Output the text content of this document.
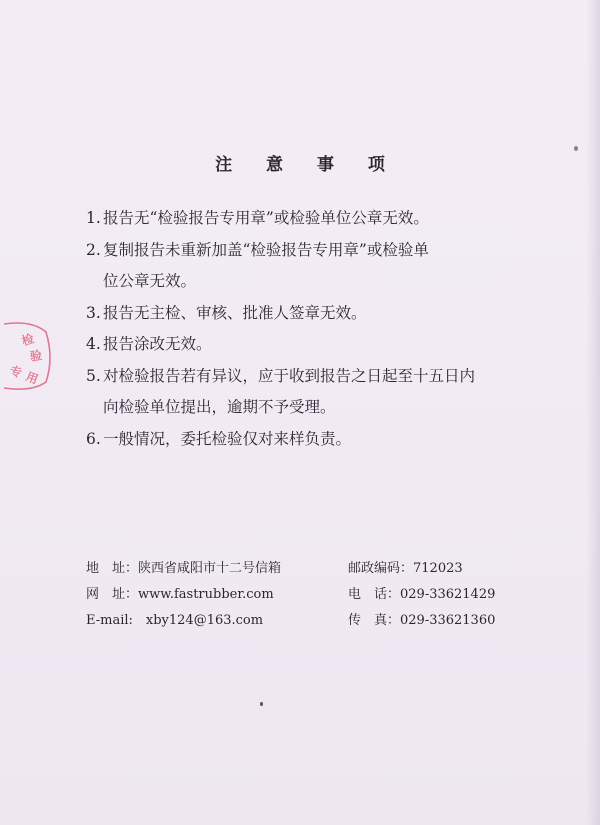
检
验
专 用
注 意 事 项
1. 报告无“检验报告专用章”或检验单位公章无效。
2. 复制报告未重新加盖“检验报告专用章”或检验单
位公章无效。
3. 报告无主检、审核、批准人签章无效。
4. 报告涂改无效。
5. 对检验报告若有异议，应于收到报告之日起至十五日内
向检验单位提出，逾期不予受理。
6. 一般情况，委托检验仅对来样负责。
地　址：陕西省咸阳市十二号信箱	邮政编码：712023
网　址：www.fastrubber.com	电　话：029-33621429
E-mail:　xby124@163.com	传　真：029-33621360
